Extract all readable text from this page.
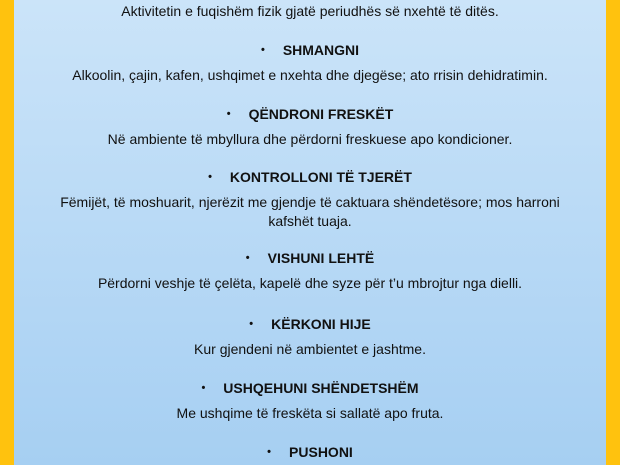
Aktivitetin e fuqishëm fizik gjatë periudhës së nxehtë të ditës.
• SHMANGNI
Alkoolin, çajin, kafen, ushqimet e nxehta dhe djegëse; ato rrisin dehidratimin.
• QËNDRONI FRESKËT
Në ambiente të mbyllura dhe përdorni freskuese apo kondicioner.
• KONTROLLONI TË TJERËT
Fëmijët, të moshuarit, njerëzit me gjendje të caktuara shëndetësore; mos harroni kafshët tuaja.
• VISHUNI LEHTË
Përdorni veshje të çelëta, kapelë dhe syze për t’u mbrojtur nga dielli.
• KËRKONI HIJE
Kur gjendeni në ambientet e jashtme.
• USHQEHUNI SHËNDETSHËM
Me ushqime të freskëta si sallatë apo fruta.
• PUSHONI
